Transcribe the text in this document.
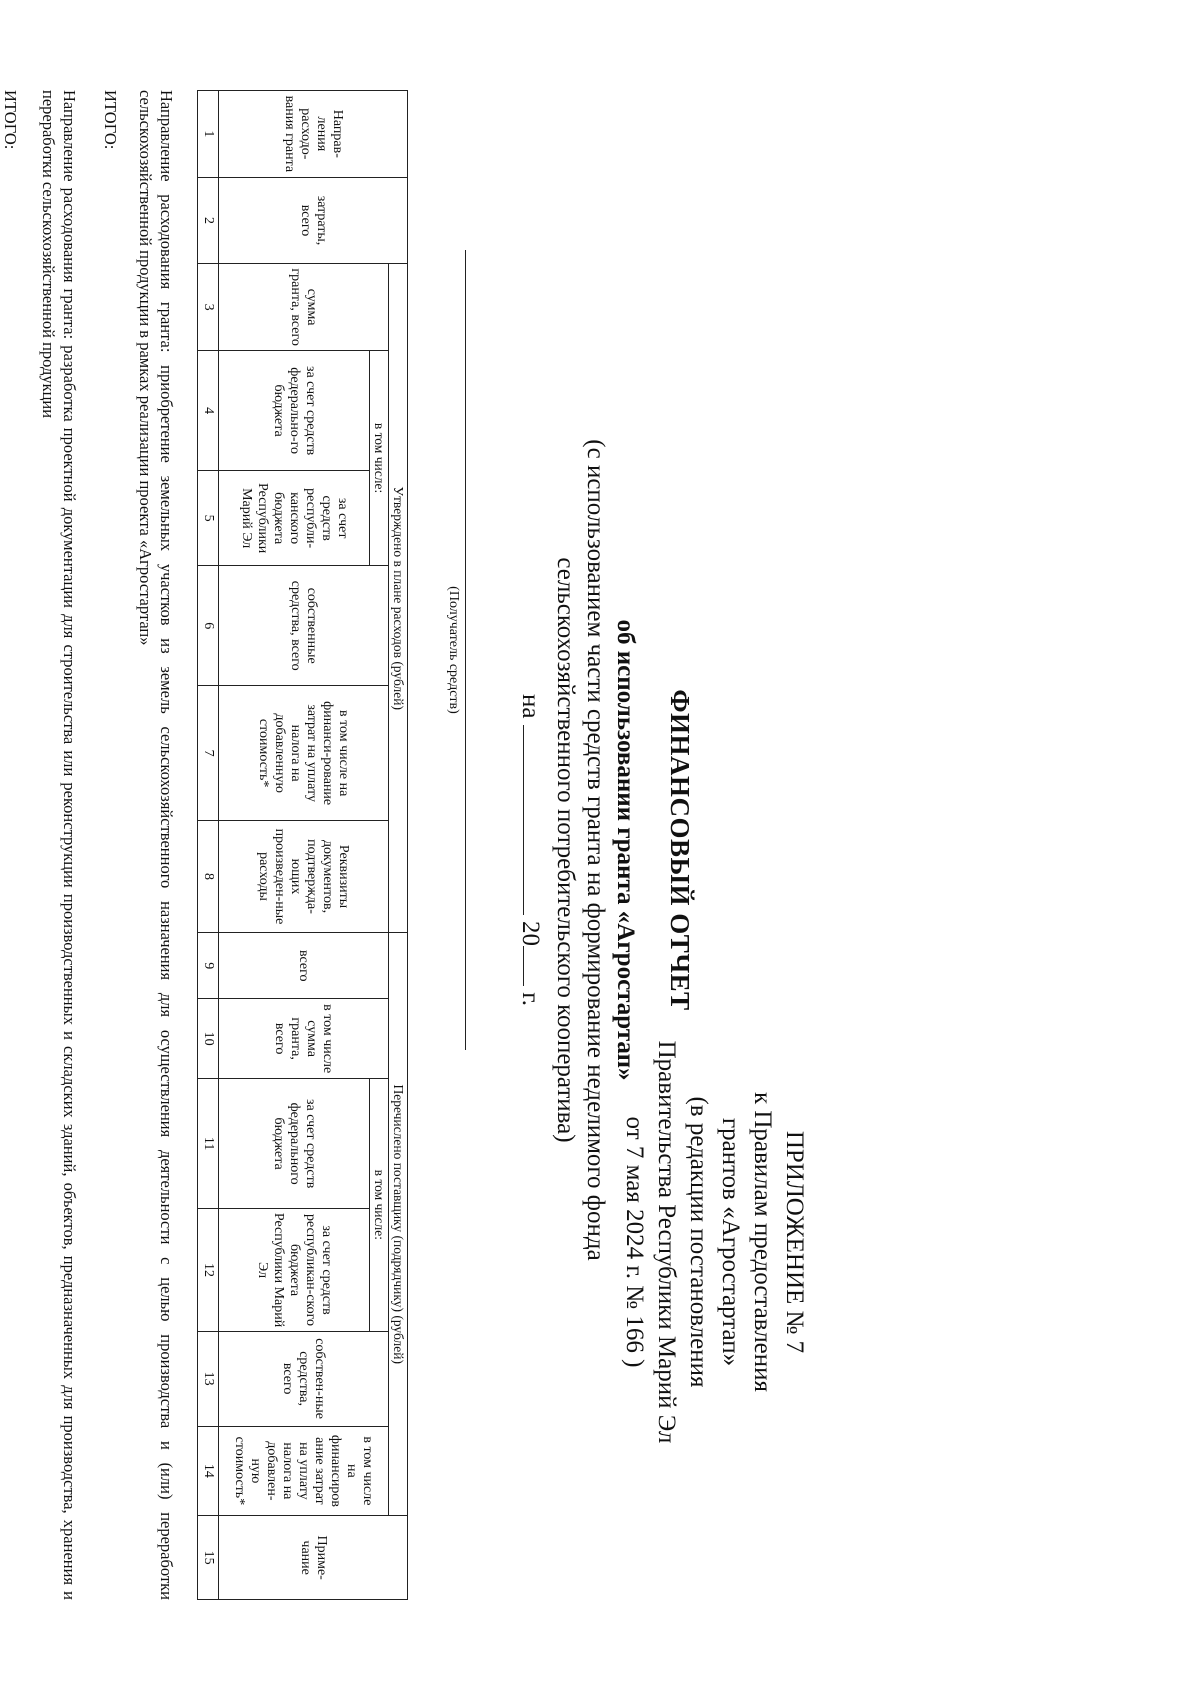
ПРИЛОЖЕНИЕ № 7
к Правилам предоставления
грантов «Агростартап»
(в редакции постановления
Правительства Республики Марий Эл
от 7 мая 2024 г. № 166 )
ФИНАНСОВЫЙ ОТЧЕТ
об использовании гранта «Агростартап»
(с использованием части средств гранта на формирование неделимого фонда
сельскохозяйственного потребительского кооператива)
на  20 г.
(Получатель средств)
Направ-ления расходо-вания гранта	затраты, всего	Утверждено в плане расходов (рублей)						Перечислено поставщику (подрядчику) (рублей)						Приме-чание
		сумма гранта, всего	в том числе:		собственные средства, всего	в том числе на финанси-рование затрат на уплату налога на добавленную стоимость*	Реквизиты документов, подтвержда-ющих произведен-ные расходы	всего	в том числе сумма гранта, всего	в том числе:		собствен-ные средства, всего	в том числе на финансиров ание затрат на уплату налога на добавлен-ную стоимость*	
			за счет средств федерально-го бюджета	за счет средств республи-канского бюджета Республики Марий Эл						за счет средств федерального бюджета	за счет средств республикан-ского бюджета Республики Марий Эл			
1	2	3	4	5	6	7	8	9	10	11	12	13	14	15
Направление расходования гранта: приобретение земельных участков из земель сельскохозяйственного назначения для осуществления деятельности с целью производства и (или) переработки сельскохозяйственной продукции в рамках реализации проекта «Агростартап»
ИТОГО:
Направление расходования гранта: разработка проектной документации для строительства или реконструкции производственных и складских зданий, объектов, предназначенных для производства, хранения и переработки сельскохозяйственной продукции
ИТОГО:
